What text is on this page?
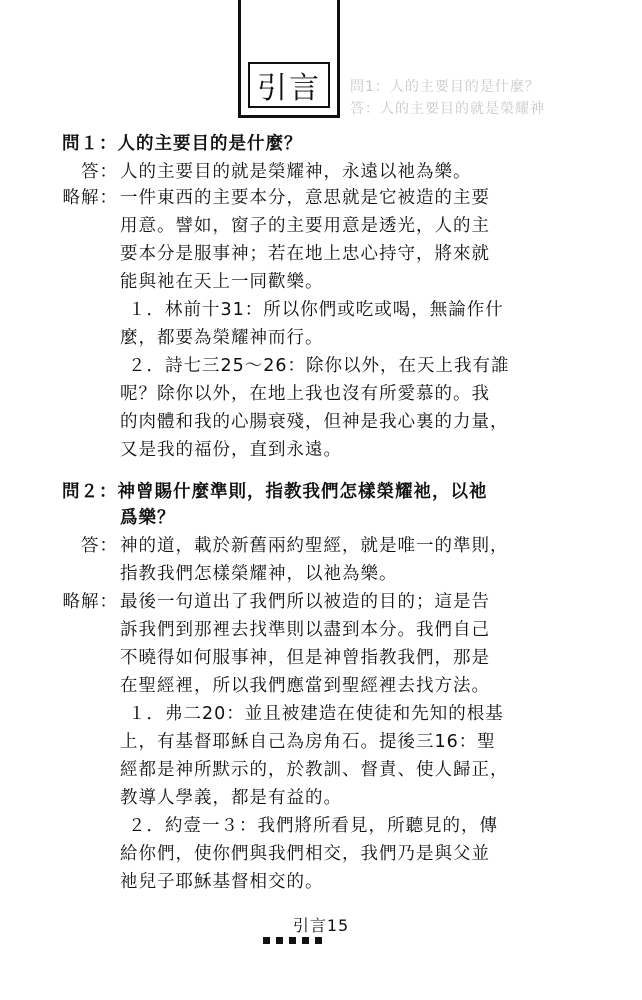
引言	問1：人的主要目的是什麼？
答：人的主要目的就是榮耀神
問１：人的主要目的是什麼？
答： 人的主要目的就是榮耀神，永遠以祂為樂。
略解： 一件東西的主要本分，意思就是它被造的主要
用意。譬如，窗子的主要用意是透光，人的主
要本分是服事神；若在地上忠心持守，將來就
能與祂在天上一同歡樂。
１．林前十31：所以你們或吃或喝，無論作什
麼，都要為榮耀神而行。
２．詩七三25～26：除你以外，在天上我有誰
呢？除你以外，在地上我也沒有所愛慕的。我
的肉體和我的心腸衰殘，但神是我心裏的力量，
又是我的福份，直到永遠。
問２：神曾賜什麼準則，指教我們怎樣榮耀祂，以祂
爲樂？
答： 神的道，載於新舊兩約聖經，就是唯一的準則，
指教我們怎樣榮耀神，以祂為樂。
略解： 最後一句道出了我們所以被造的目的；這是告
訴我們到那裡去找準則以盡到本分。我們自己
不曉得如何服事神，但是神曾指教我們，那是
在聖經裡，所以我們應當到聖經裡去找方法。
１．弗二20：並且被建造在使徒和先知的根基
上，有基督耶穌自己為房角石。提後三16：聖
經都是神所默示的，於教訓、督責、使人歸正，
教導人學義，都是有益的。
２．約壹一３：我們將所看見，所聽見的，傳
給你們，使你們與我們相交，我們乃是與父並
祂兒子耶穌基督相交的。
引言15
